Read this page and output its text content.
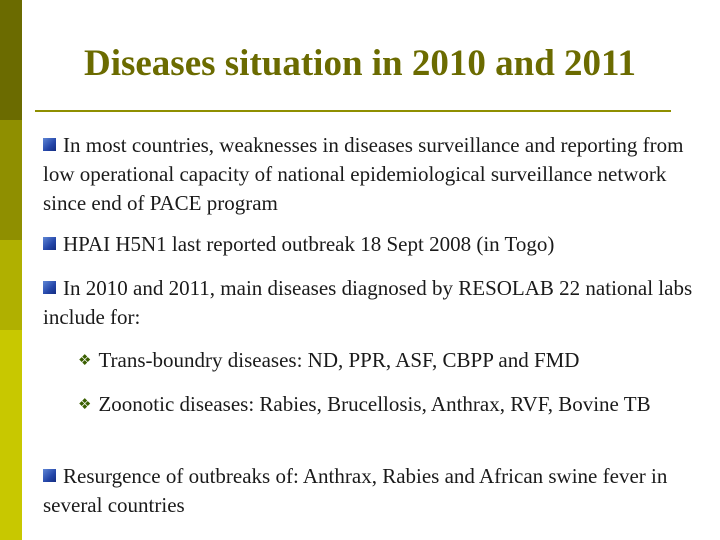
Diseases situation in 2010 and 2011
In most countries, weaknesses in diseases surveillance and reporting from low operational capacity of national epidemiological surveillance network since end of PACE program
HPAI H5N1 last reported outbreak 18 Sept 2008 (in Togo)
In 2010 and 2011, main diseases diagnosed by RESOLAB 22 national labs include for:
❖ Trans-boundry diseases: ND, PPR, ASF, CBPP and FMD
❖ Zoonotic diseases: Rabies, Brucellosis, Anthrax, RVF, Bovine TB
Resurgence of outbreaks of: Anthrax, Rabies and African swine fever in several countries
